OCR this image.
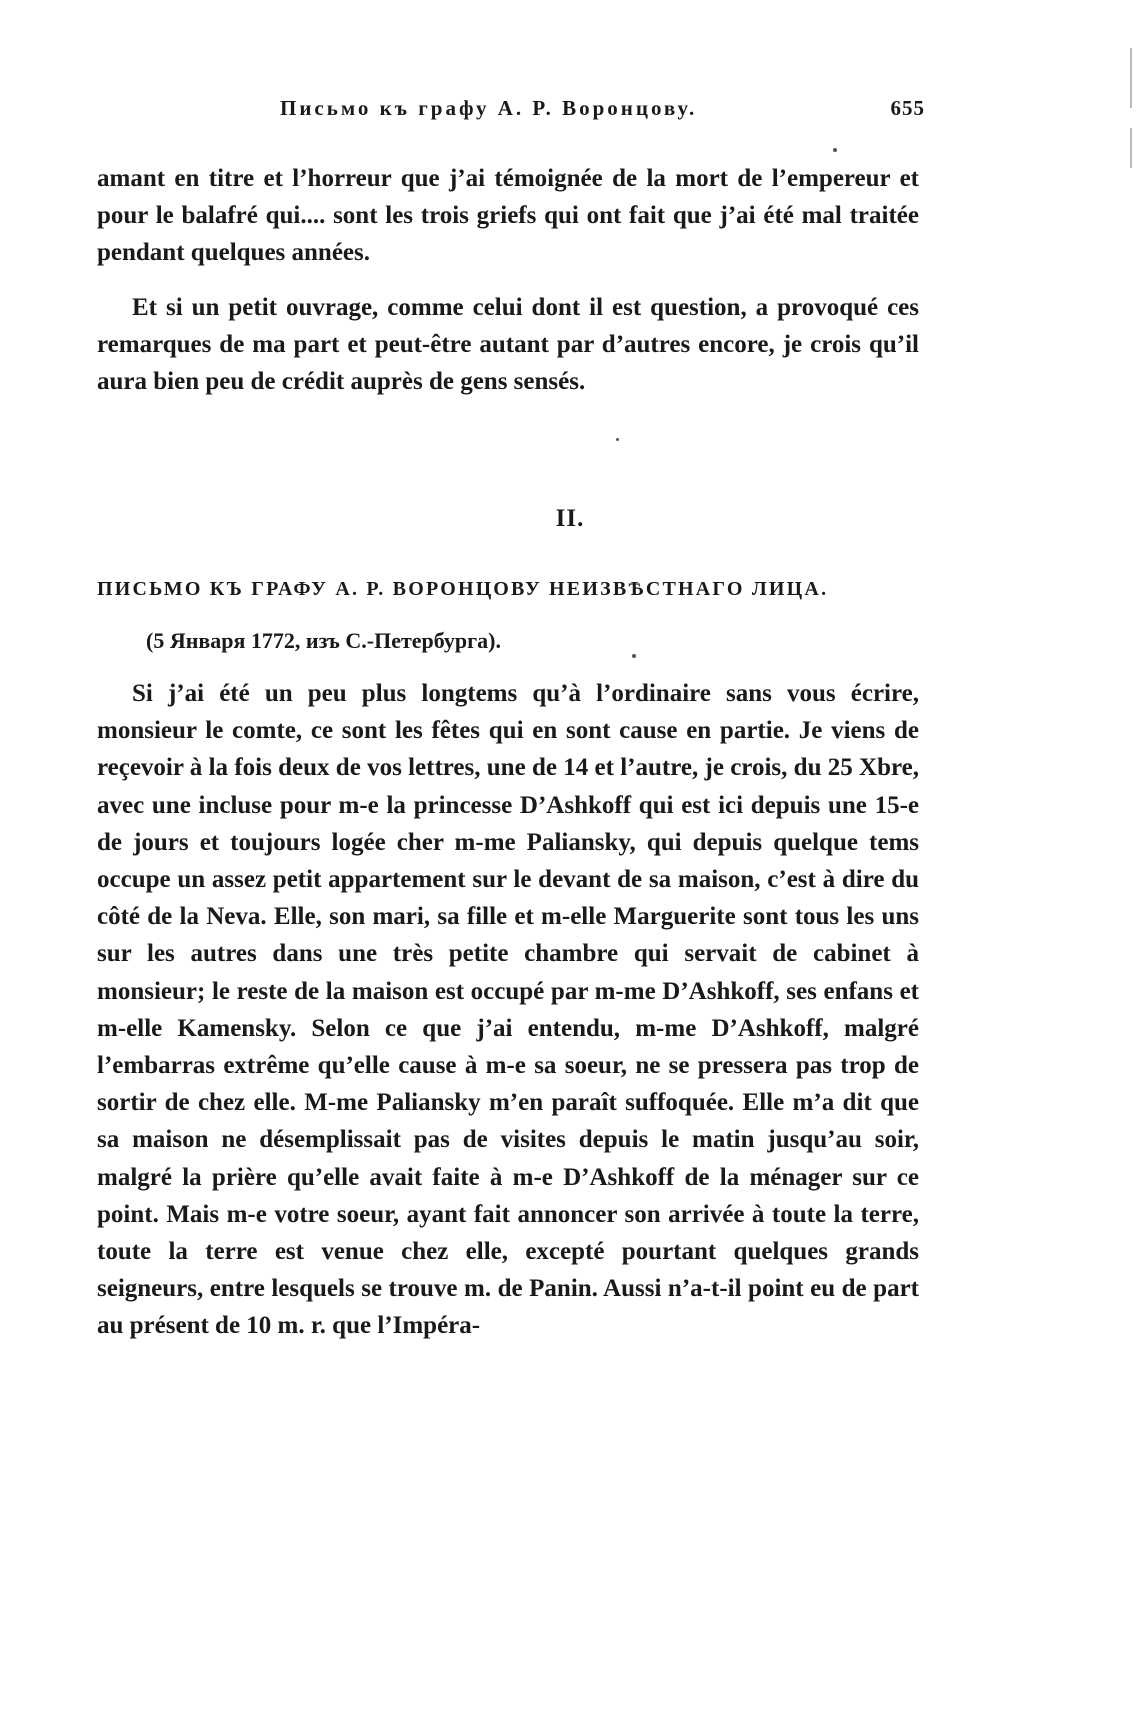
Письмо къ графу А. Р. Воронцову.	655

amant en titre et l’horreur que j’ai témoignée de la mort de l’empereur et pour le balafré qui.... sont les trois griefs qui ont fait que j’ai été mal traitée pendant quelques années.

Et si un petit ouvrage, comme celui dont il est question, a provoqué ces remarques de ma part et peut-être autant par d’autres encore, je crois qu’il aura bien peu de crédit auprès de gens sensés.

II.
ПИСЬМО КЪ ГРАФУ А. Р. ВОРОНЦОВУ НЕИЗВѢСТНАГО ЛИЦА.
(5 Января 1772, изъ С.-Петербурга).

Si j’ai été un peu plus longtems qu’à l’ordinaire sans vous écrire, monsieur le comte, ce sont les fêtes qui en sont cause en partie. Je viens de reçevoir à la fois deux de vos lettres, une de 14 et l’autre, je crois, du 25 Xbre, avec une incluse pour m-e la princesse D’Ashkoff qui est ici depuis une 15-e de jours et toujours logée cher m-me Paliansky, qui depuis quelque tems occupe un assez petit appartement sur le devant de sa maison, c’est à dire du côté de la Neva. Elle, son mari, sa fille et m-elle Marguerite sont tous les uns sur les autres dans une très petite chambre qui servait de cabinet à monsieur; le reste de la maison est occupé par m-me D’Ashkoff, ses enfans et m-elle Kamensky. Selon ce que j’ai entendu, m-me D’Ashkoff, malgré l’embarras extrême qu’elle cause à m-e sa soeur, ne se pressera pas trop de sortir de chez elle. M-me Paliansky m’en paraît suffoquée. Elle m’a dit que sa maison ne désemplissait pas de visites depuis le matin jusqu’au soir, malgré la prière qu’elle avait faite à m-e D’Ashkoff de la ménager sur ce point. Mais m-e votre soeur, ayant fait annoncer son arrivée à toute la terre, toute la terre est venue chez elle, excepté pourtant quelques grands seigneurs, entre lesquels se trouve m. de Panin. Aussi n’a-t-il point eu de part au présent de 10 m. r. que l’Impéra-
